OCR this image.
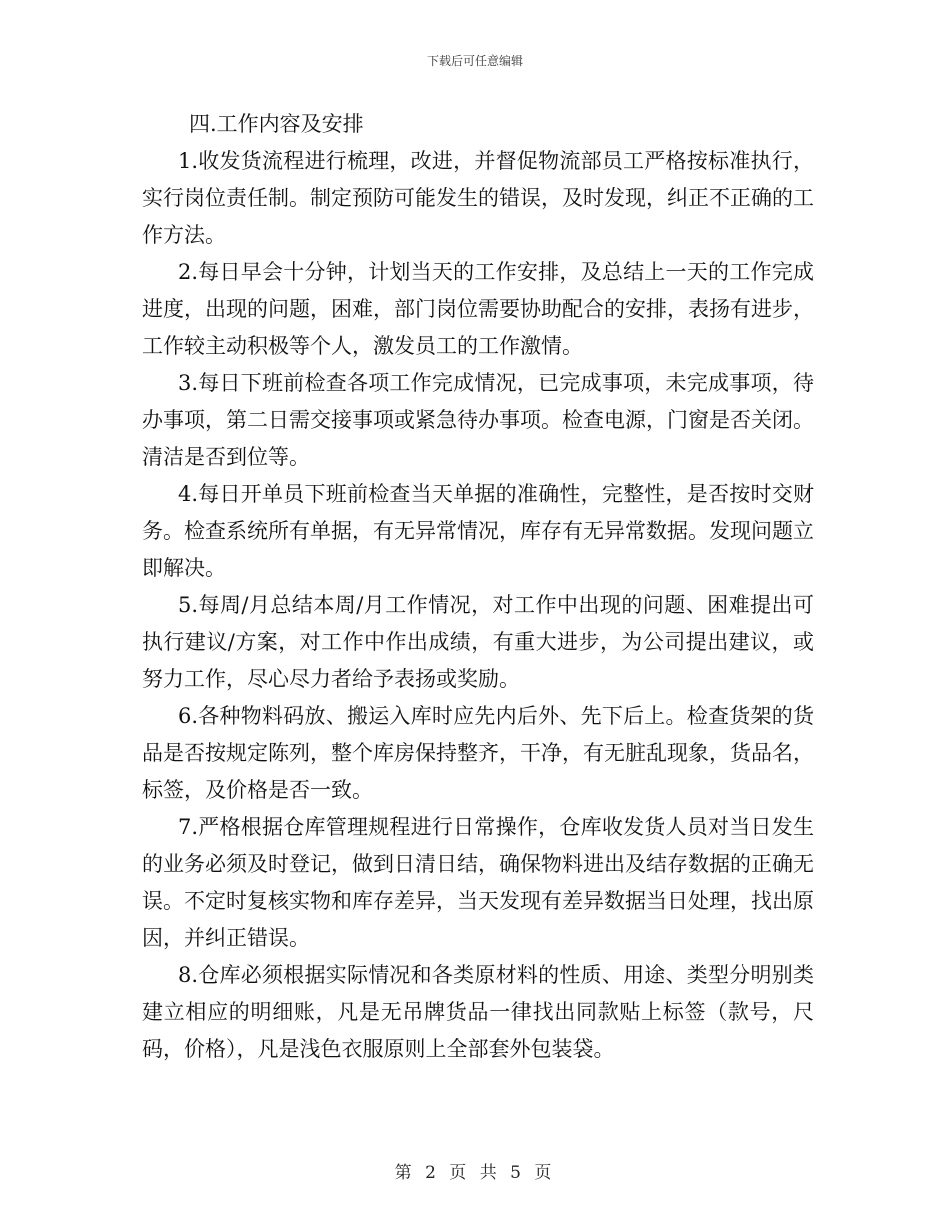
下载后可任意编辑

四.工作内容及安排

1.收发货流程进行梳理，改进，并督促物流部员工严格按标准执行，实行岗位责任制。制定预防可能发生的错误，及时发现，纠正不正确的工作方法。

2.每日早会十分钟，计划当天的工作安排，及总结上一天的工作完成进度，出现的问题，困难，部门岗位需要协助配合的安排，表扬有进步，工作较主动积极等个人，激发员工的工作激情。

3.每日下班前检查各项工作完成情况，已完成事项，未完成事项，待办事项，第二日需交接事项或紧急待办事项。检查电源，门窗是否关闭。清洁是否到位等。

4.每日开单员下班前检查当天单据的准确性，完整性，是否按时交财务。检查系统所有单据，有无异常情况，库存有无异常数据。发现问题立即解决。

5.每周/月总结本周/月工作情况，对工作中出现的问题、困难提出可执行建议/方案，对工作中作出成绩，有重大进步，为公司提出建议，或努力工作，尽心尽力者给予表扬或奖励。

6.各种物料码放、搬运入库时应先内后外、先下后上。检查货架的货品是否按规定陈列，整个库房保持整齐，干净，有无脏乱现象，货品名，标签，及价格是否一致。

7.严格根据仓库管理规程进行日常操作，仓库收发货人员对当日发生的业务必须及时登记，做到日清日结，确保物料进出及结存数据的正确无误。不定时复核实物和库存差异，当天发现有差异数据当日处理，找出原因，并纠正错误。

8.仓库必须根据实际情况和各类原材料的性质、用途、类型分明别类建立相应的明细账，凡是无吊牌货品一律找出同款贴上标签（款号，尺码，价格），凡是浅色衣服原则上全部套外包装袋。

第 2 页 共 5 页
